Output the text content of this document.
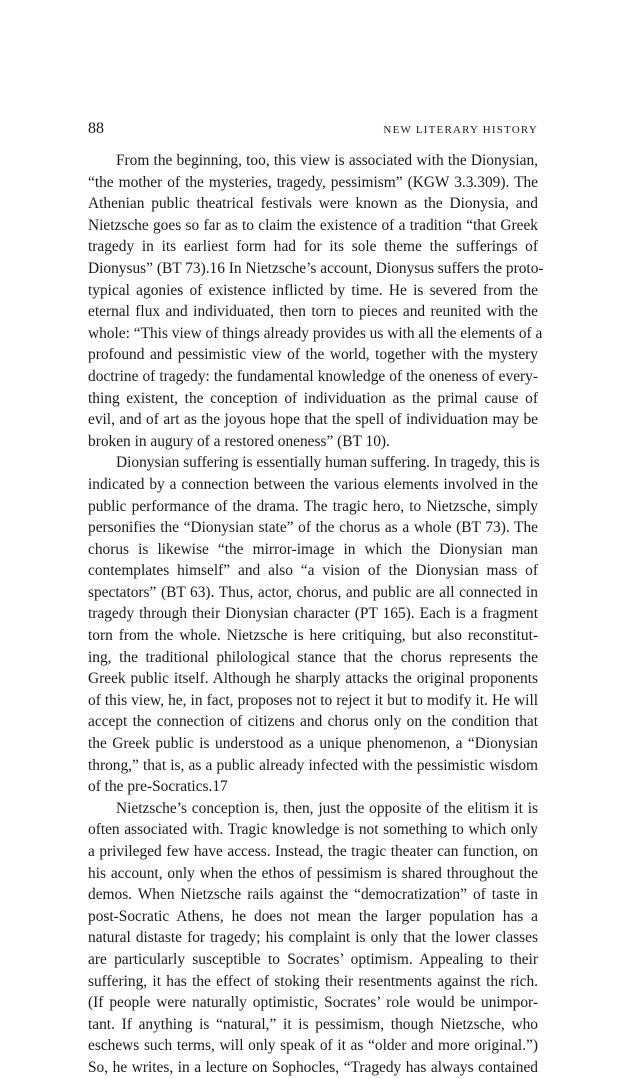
88	NEW LITERARY HISTORY
From the beginning, too, this view is associated with the Dionysian,
“the mother of the mysteries, tragedy, pessimism” (KGW 3.3.309). The
Athenian public theatrical festivals were known as the Dionysia, and
Nietzsche goes so far as to claim the existence of a tradition “that Greek
tragedy in its earliest form had for its sole theme the sufferings of
Dionysus” (BT 73).16 In Nietzsche’s account, Dionysus suffers the proto-
typical agonies of existence inflicted by time. He is severed from the
eternal flux and individuated, then torn to pieces and reunited with the
whole: “This view of things already provides us with all the elements of a
profound and pessimistic view of the world, together with the mystery
doctrine of tragedy: the fundamental knowledge of the oneness of every-
thing existent, the conception of individuation as the primal cause of
evil, and of art as the joyous hope that the spell of individuation may be
broken in augury of a restored oneness” (BT 10).
Dionysian suffering is essentially human suffering. In tragedy, this is
indicated by a connection between the various elements involved in the
public performance of the drama. The tragic hero, to Nietzsche, simply
personifies the “Dionysian state” of the chorus as a whole (BT 73). The
chorus is likewise “the mirror-image in which the Dionysian man
contemplates himself” and also “a vision of the Dionysian mass of
spectators” (BT 63). Thus, actor, chorus, and public are all connected in
tragedy through their Dionysian character (PT 165). Each is a fragment
torn from the whole. Nietzsche is here critiquing, but also reconstitut-
ing, the traditional philological stance that the chorus represents the
Greek public itself. Although he sharply attacks the original proponents
of this view, he, in fact, proposes not to reject it but to modify it. He will
accept the connection of citizens and chorus only on the condition that
the Greek public is understood as a unique phenomenon, a “Dionysian
throng,” that is, as a public already infected with the pessimistic wisdom
of the pre-Socratics.17
Nietzsche’s conception is, then, just the opposite of the elitism it is
often associated with. Tragic knowledge is not something to which only
a privileged few have access. Instead, the tragic theater can function, on
his account, only when the ethos of pessimism is shared throughout the
demos. When Nietzsche rails against the “democratization” of taste in
post-Socratic Athens, he does not mean the larger population has a
natural distaste for tragedy; his complaint is only that the lower classes
are particularly susceptible to Socrates’ optimism. Appealing to their
suffering, it has the effect of stoking their resentments against the rich.
(If people were naturally optimistic, Socrates’ role would be unimpor-
tant. If anything is “natural,” it is pessimism, though Nietzsche, who
eschews such terms, will only speak of it as “older and more original.”)
So, he writes, in a lecture on Sophocles, “Tragedy has always contained
